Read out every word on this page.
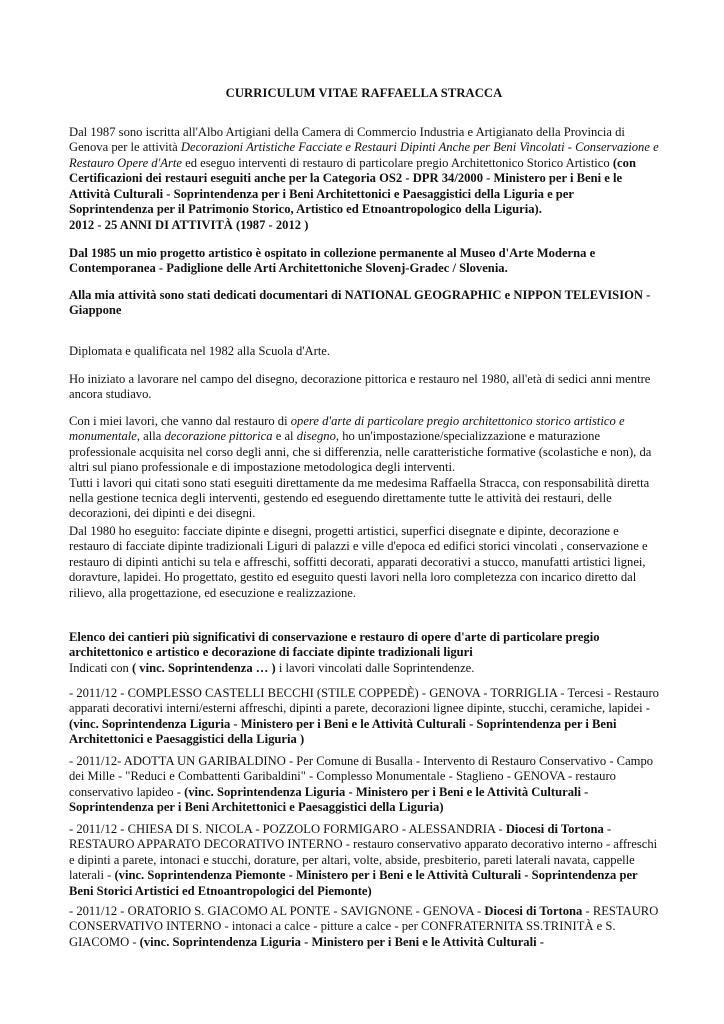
CURRICULUM VITAE RAFFAELLA STRACCA

Dal 1987 sono iscritta all'Albo Artigiani della Camera di Commercio Industria e Artigianato della Provincia di Genova per le attività Decorazioni Artistiche Facciate e Restauri Dipinti Anche per Beni Vincolati - Conservazione e Restauro Opere d'Arte ed eseguo interventi di restauro di particolare pregio Architettonico Storico Artistico (con Certificazioni dei restauri eseguiti anche per la Categoria OS2 - DPR 34/2000 - Ministero per i Beni e le Attività Culturali - Soprintendenza per i Beni Architettonici e Paesaggistici della Liguria e per Soprintendenza per il Patrimonio Storico, Artistico ed Etnoantropologico della Liguria).

2012 - 25 ANNI DI ATTIVITÀ (1987 - 2012 )

Dal 1985 un mio progetto artistico è ospitato in collezione permanente al Museo d'Arte Moderna e Contemporanea - Padiglione delle Arti Architettoniche Slovenj-Gradec / Slovenia.

Alla mia attività sono stati dedicati documentari di NATIONAL GEOGRAPHIC e NIPPON TELEVISION - Giappone

Diplomata e qualificata nel 1982 alla Scuola d'Arte.

Ho iniziato a lavorare nel campo del disegno, decorazione pittorica e restauro nel 1980, all'età di sedici anni mentre ancora studiavo.

Con i miei lavori, che vanno dal restauro di opere d'arte di particolare pregio architettonico storico artistico e monumentale, alla decorazione pittorica e al disegno, ho un'impostazione/specializzazione e maturazione professionale acquisita nel corso degli anni, che si differenzia, nelle caratteristiche formative (scolastiche e non), da altri sul piano professionale e di impostazione metodologica degli interventi.
Tutti i lavori qui citati sono stati eseguiti direttamente da me medesima Raffaella Stracca, con responsabilità diretta nella gestione tecnica degli interventi, gestendo ed eseguendo direttamente tutte le attività dei restauri, delle decorazioni, dei dipinti e dei disegni.

Dal 1980 ho eseguito: facciate dipinte e disegni, progetti artistici, superfici disegnate e dipinte, decorazione e restauro di facciate dipinte tradizionali Liguri di palazzi e ville d'epoca ed edifici storici vincolati , conservazione e restauro di dipinti antichi su tela e affreschi, soffitti decorati, apparati decorativi a stucco, manufatti artistici lignei, doravture, lapidei. Ho progettato, gestito ed eseguito questi lavori nella loro completezza con incarico diretto dal rilievo, alla progettazione, ed esecuzione e realizzazione.

Elenco dei cantieri più significativi di conservazione e restauro di opere d'arte di particolare pregio architettonico e artistico e decorazione di facciate dipinte tradizionali liguri
Indicati con ( vinc. Soprintendenza … ) i lavori vincolati dalle Soprintendenze.

- 2011/12 - COMPLESSO CASTELLI BECCHI (STILE COPPEDÈ) - GENOVA - TORRIGLIA - Tercesi - Restauro apparati decorativi interni/esterni affreschi, dipinti a parete, decorazioni lignee dipinte, stucchi, ceramiche, lapidei - (vinc. Soprintendenza Liguria - Ministero per i Beni e le Attività Culturali - Soprintendenza per i Beni Architettonici e Paesaggistici della Liguria )

- 2011/12- ADOTTA UN GARIBALDINO - Per Comune di Busalla - Intervento di Restauro Conservativo - Campo dei Mille - "Reduci e Combattenti Garibaldini" - Complesso Monumentale - Staglieno - GENOVA - restauro conservativo lapideo - (vinc. Soprintendenza Liguria - Ministero per i Beni e le Attività Culturali - Soprintendenza per i Beni Architettonici e Paesaggistici della Liguria)

- 2011/12 - CHIESA DI S. NICOLA - POZZOLO FORMIGARO - ALESSANDRIA - Diocesi di Tortona - RESTAURO APPARATO DECORATIVO INTERNO - restauro conservativo apparato decorativo interno - affreschi e dipinti a parete, intonaci e stucchi, dorature, per altari, volte, abside, presbiterio, pareti laterali navata, cappelle laterali - (vinc. Soprintendenza Piemonte - Ministero per i Beni e le Attività Culturali - Soprintendenza per Beni Storici Artistici ed Etnoantropologici del Piemonte)

- 2011/12 - ORATORIO S. GIACOMO AL PONTE - SAVIGNONE - GENOVA - Diocesi di Tortona - RESTAURO CONSERVATIVO INTERNO - intonaci a calce - pitture a calce - per CONFRATERNITA SS.TRINITÀ e S. GIACOMO - (vinc. Soprintendenza Liguria - Ministero per i Beni e le Attività Culturali -
